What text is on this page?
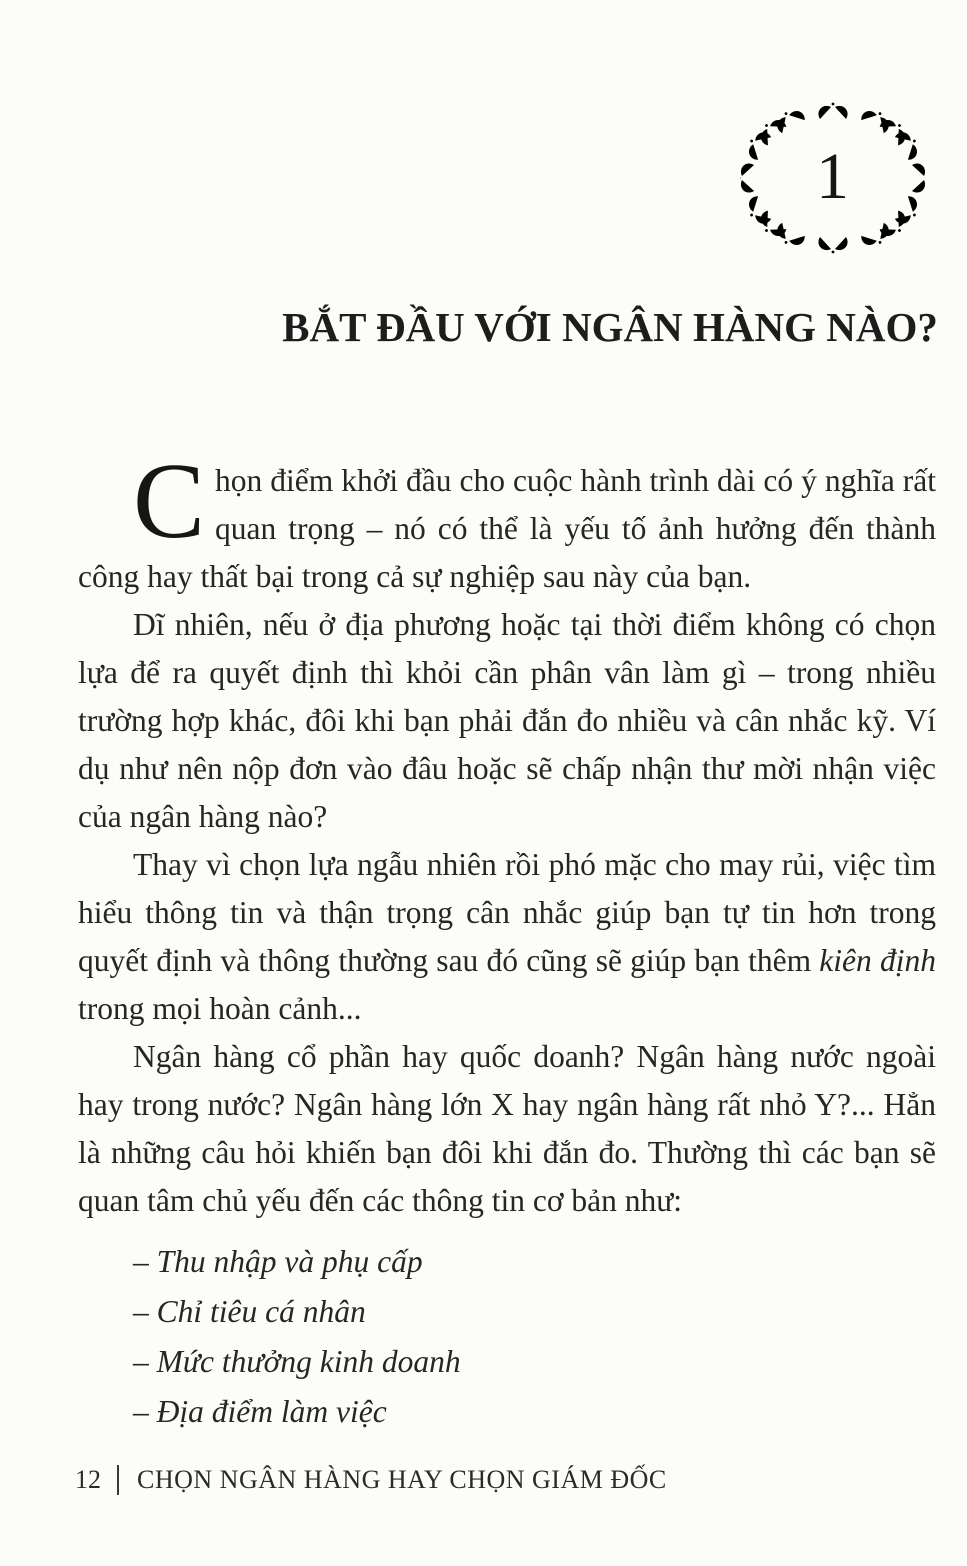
1
BẮT ĐẦU VỚI NGÂN HÀNG NÀO?

Chọn điểm khởi đầu cho cuộc hành trình dài có ý nghĩa rất quan trọng – nó có thể là yếu tố ảnh hưởng đến thành công hay thất bại trong cả sự nghiệp sau này của bạn.

Dĩ nhiên, nếu ở địa phương hoặc tại thời điểm không có chọn lựa để ra quyết định thì khỏi cần phân vân làm gì – trong nhiều trường hợp khác, đôi khi bạn phải đắn đo nhiều và cân nhắc kỹ. Ví dụ như nên nộp đơn vào đâu hoặc sẽ chấp nhận thư mời nhận việc của ngân hàng nào?

Thay vì chọn lựa ngẫu nhiên rồi phó mặc cho may rủi, việc tìm hiểu thông tin và thận trọng cân nhắc giúp bạn tự tin hơn trong quyết định và thông thường sau đó cũng sẽ giúp bạn thêm kiên định trong mọi hoàn cảnh...

Ngân hàng cổ phần hay quốc doanh? Ngân hàng nước ngoài hay trong nước? Ngân hàng lớn X hay ngân hàng rất nhỏ Y?... Hẳn là những câu hỏi khiến bạn đôi khi đắn đo. Thường thì các bạn sẽ quan tâm chủ yếu đến các thông tin cơ bản như:

– Thu nhập và phụ cấp
– Chỉ tiêu cá nhân
– Mức thưởng kinh doanh
– Địa điểm làm việc
12 CHỌN NGÂN HÀNG HAY CHỌN GIÁM ĐỐC
